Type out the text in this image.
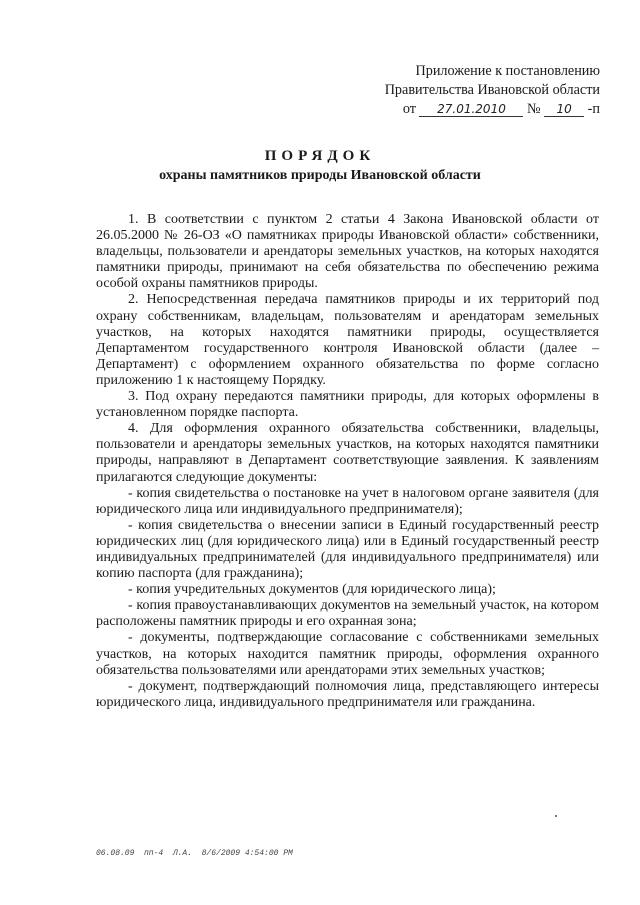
Приложение к постановлению
Правительства Ивановской области
от 27.01.2010 № 10 -п
ПОРЯДОК
охраны памятников природы Ивановской области

1. В соответствии с пунктом 2 статьи 4 Закона Ивановской области от 26.05.2000 № 26-ОЗ «О памятниках природы Ивановской области» собственники, владельцы, пользователи и арендаторы земельных участков, на которых находятся памятники природы, принимают на себя обязательства по обеспечению режима особой охраны памятников природы.

2. Непосредственная передача памятников природы и их территорий под охрану собственникам, владельцам, пользователям и арендаторам земельных участков, на которых находятся памятники природы, осуществляется Департаментом государственного контроля Ивановской области (далее – Департамент) с оформлением охранного обязательства по форме согласно приложению 1 к настоящему Порядку.

3. Под охрану передаются памятники природы, для которых оформлены в установленном порядке паспорта.

4. Для оформления охранного обязательства собственники, владельцы, пользователи и арендаторы земельных участков, на которых находятся памятники природы, направляют в Департамент соответствующие заявления. К заявлениям прилагаются следующие документы:

- копия свидетельства о постановке на учет в налоговом органе заявителя (для юридического лица или индивидуального предпринимателя);

- копия свидетельства о внесении записи в Единый государственный реестр юридических лиц (для юридического лица) или в Единый государственный реестр индивидуальных предпринимателей (для индивидуального предпринимателя) или копию паспорта (для гражданина);

- копия учредительных документов (для юридического лица);

- копия правоустанавливающих документов на земельный участок, на котором расположены памятник природы и его охранная зона;

- документы, подтверждающие согласование с собственниками земельных участков, на которых находится памятник природы, оформления охранного обязательства пользователями или арендаторами этих земельных участков;

- документ, подтверждающий полномочия лица, представляющего интересы юридического лица, индивидуального предпринимателя или гражданина.

06.08.09  пп-4  Л.А.  8/6/2009 4:54:00 PM
